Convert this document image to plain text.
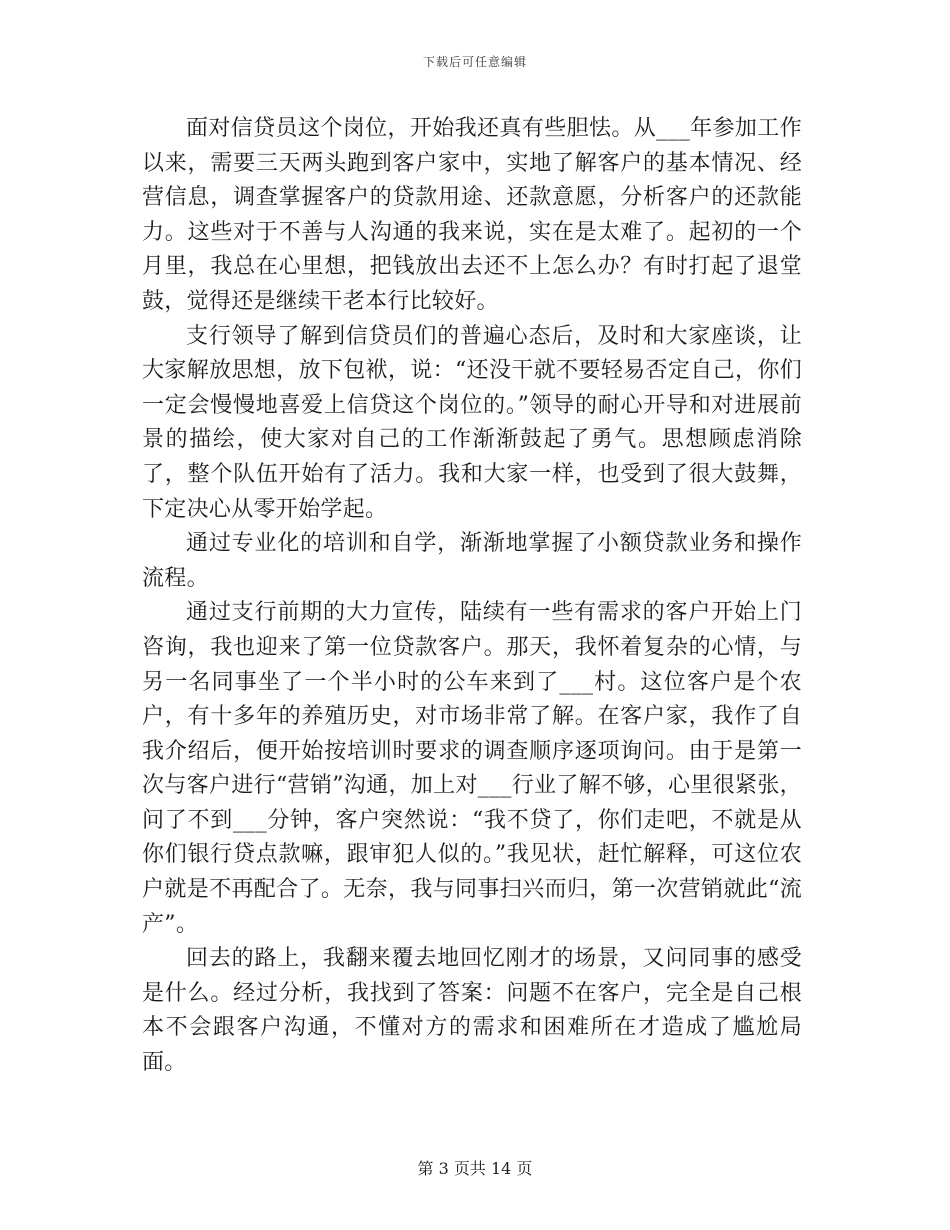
下载后可任意编辑

面对信贷员这个岗位，开始我还真有些胆怯。从___年参加工作以来，需要三天两头跑到客户家中，实地了解客户的基本情况、经营信息，调查掌握客户的贷款用途、还款意愿，分析客户的还款能力。这些对于不善与人沟通的我来说，实在是太难了。起初的一个月里，我总在心里想，把钱放出去还不上怎么办？有时打起了退堂鼓，觉得还是继续干老本行比较好。

支行领导了解到信贷员们的普遍心态后，及时和大家座谈，让大家解放思想，放下包袱，说：“还没干就不要轻易否定自己，你们一定会慢慢地喜爱上信贷这个岗位的。”领导的耐心开导和对进展前景的描绘，使大家对自己的工作渐渐鼓起了勇气。思想顾虑消除了，整个队伍开始有了活力。我和大家一样，也受到了很大鼓舞，下定决心从零开始学起。

通过专业化的培训和自学，渐渐地掌握了小额贷款业务和操作流程。

通过支行前期的大力宣传，陆续有一些有需求的客户开始上门咨询，我也迎来了第一位贷款客户。那天，我怀着复杂的心情，与另一名同事坐了一个半小时的公车来到了___村。这位客户是个农户，有十多年的养殖历史，对市场非常了解。在客户家，我作了自我介绍后，便开始按培训时要求的调查顺序逐项询问。由于是第一次与客户进行“营销”沟通，加上对___行业了解不够，心里很紧张，问了不到___分钟，客户突然说：“我不贷了，你们走吧，不就是从你们银行贷点款嘛，跟审犯人似的。”我见状，赶忙解释，可这位农户就是不再配合了。无奈，我与同事扫兴而归，第一次营销就此“流产”。

回去的路上，我翻来覆去地回忆刚才的场景，又问同事的感受是什么。经过分析，我找到了答案：问题不在客户，完全是自己根本不会跟客户沟通，不懂对方的需求和困难所在才造成了尴尬局面。

第 3 页共 14 页
